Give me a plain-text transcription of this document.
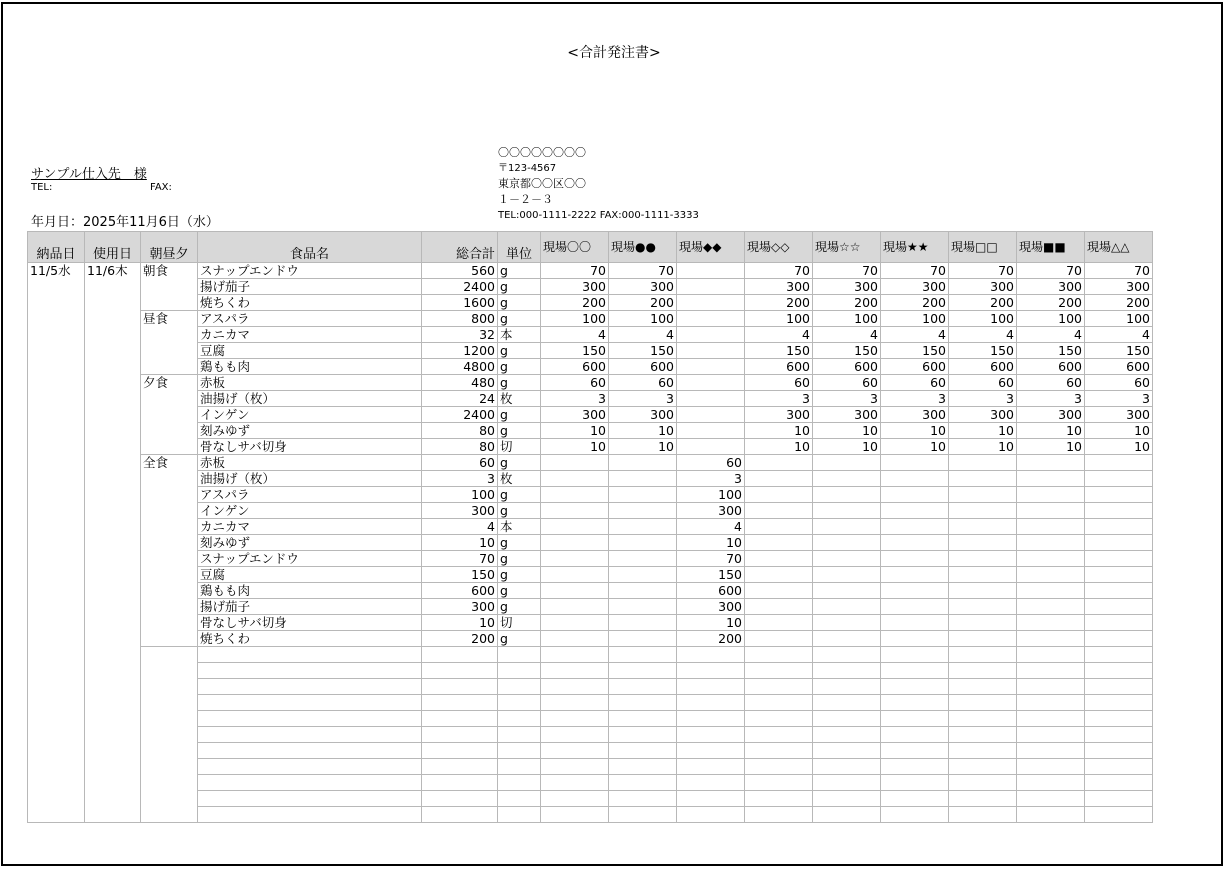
<合計発注書>
サンプル仕入先　様
TEL:	FAX:
年月日：2025年11月6日（水）
〇〇〇〇〇〇〇〇
〒123-4567
東京都〇〇区〇〇
１－２－３
TEL:000-1111-2222 FAX:000-1111-3333
納品日	使用日	朝昼夕	食品名	総合計	単位	現場〇〇	現場●●	現場◆◆	現場◇◇	現場☆☆	現場★★	現場□□	現場■■	現場△△
11/5水	11/6木	朝食	スナップエンドウ	560	g	70	70		70	70	70	70	70	70
			揚げ茄子	2400	g	300	300		300	300	300	300	300	300
			焼ちくわ	1600	g	200	200		200	200	200	200	200	200
		昼食	アスパラ	800	g	100	100		100	100	100	100	100	100
			カニカマ	32	本	4	4		4	4	4	4	4	4
			豆腐	1200	g	150	150		150	150	150	150	150	150
			鶏もも肉	4800	g	600	600		600	600	600	600	600	600
		夕食	赤板	480	g	60	60		60	60	60	60	60	60
			油揚げ（枚）	24	枚	3	3		3	3	3	3	3	3
			インゲン	2400	g	300	300		300	300	300	300	300	300
			刻みゆず	80	g	10	10		10	10	10	10	10	10
			骨なしサバ切身	80	切	10	10		10	10	10	10	10	10
		全食	赤板	60	g			60						
			油揚げ（枚）	3	枚			3						
			アスパラ	100	g			100						
			インゲン	300	g			300						
			カニカマ	4	本			4						
			刻みゆず	10	g			10						
			スナップエンドウ	70	g			70						
			豆腐	150	g			150						
			鶏もも肉	600	g			600						
			揚げ茄子	300	g			300						
			骨なしサバ切身	10	切			10						
			焼ちくわ	200	g			200						
